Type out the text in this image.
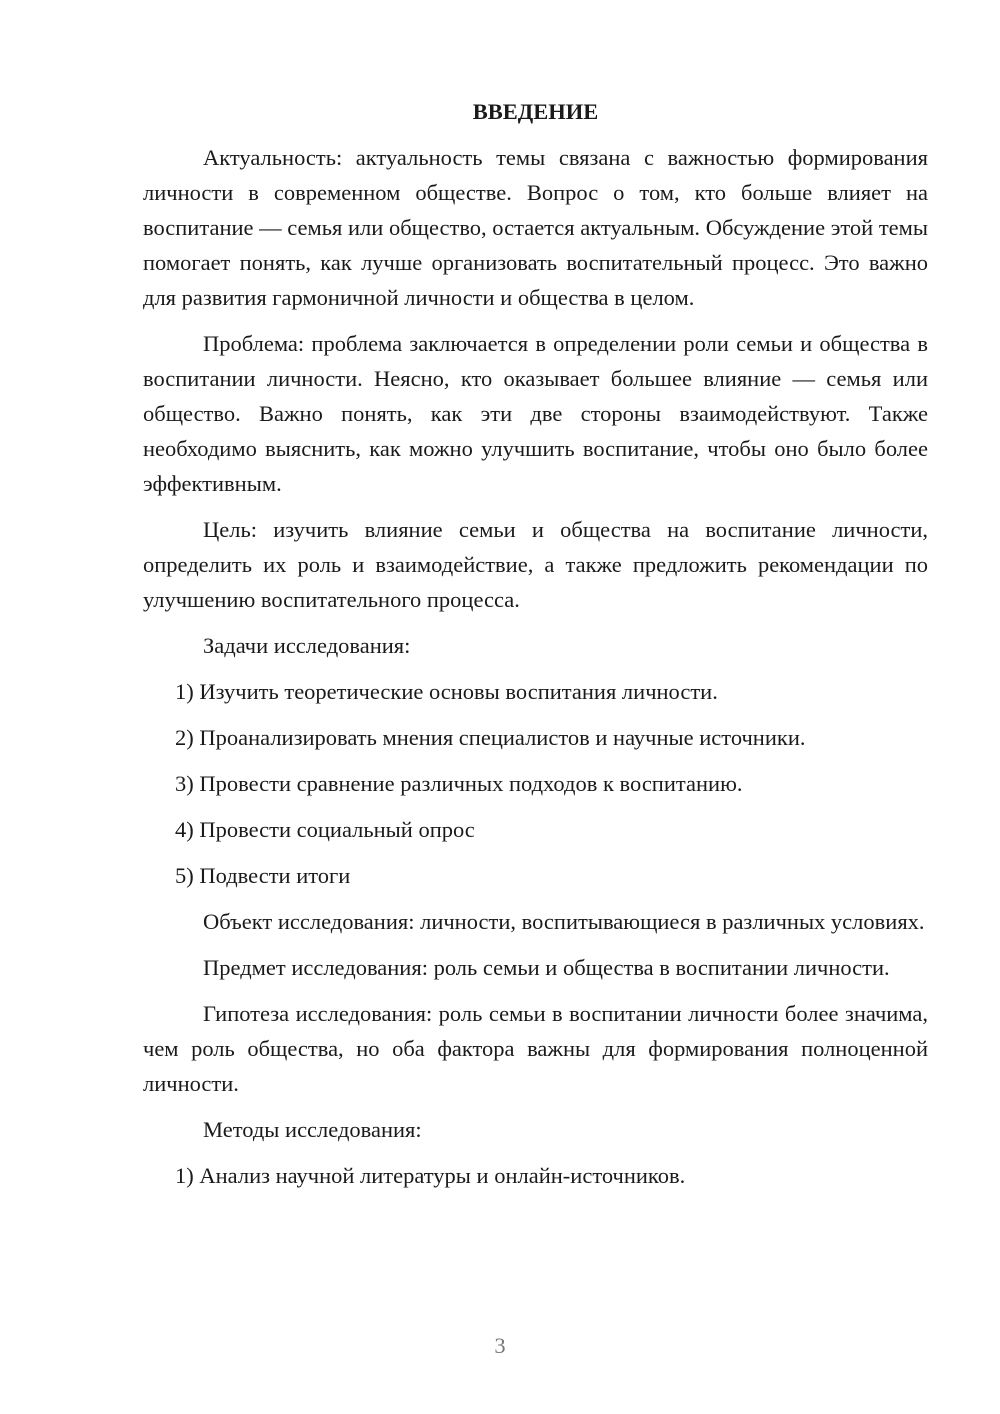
ВВЕДЕНИЕ

Актуальность: актуальность темы связана с важностью формирования личности в современном обществе. Вопрос о том, кто больше влияет на воспитание — семья или общество, остается актуальным. Обсуждение этой темы помогает понять, как лучше организовать воспитательный процесс. Это важно для развития гармоничной личности и общества в целом.

Проблема: проблема заключается в определении роли семьи и общества в воспитании личности. Неясно, кто оказывает большее влияние — семья или общество. Важно понять, как эти две стороны взаимодействуют. Также необходимо выяснить, как можно улучшить воспитание, чтобы оно было более эффективным.

Цель: изучить влияние семьи и общества на воспитание личности, определить их роль и взаимодействие, а также предложить рекомендации по улучшению воспитательного процесса.

Задачи исследования:

1) Изучить теоретические основы воспитания личности.

2) Проанализировать мнения специалистов и научные источники.

3) Провести сравнение различных подходов к воспитанию.

4) Провести социальный опрос

5) Подвести итоги

Объект исследования: личности, воспитывающиеся в различных условиях.

Предмет исследования: роль семьи и общества в воспитании личности.

Гипотеза исследования: роль семьи в воспитании личности более значима, чем роль общества, но оба фактора важны для формирования полноценной личности.

Методы исследования:

1) Анализ научной литературы и онлайн-источников.

3
